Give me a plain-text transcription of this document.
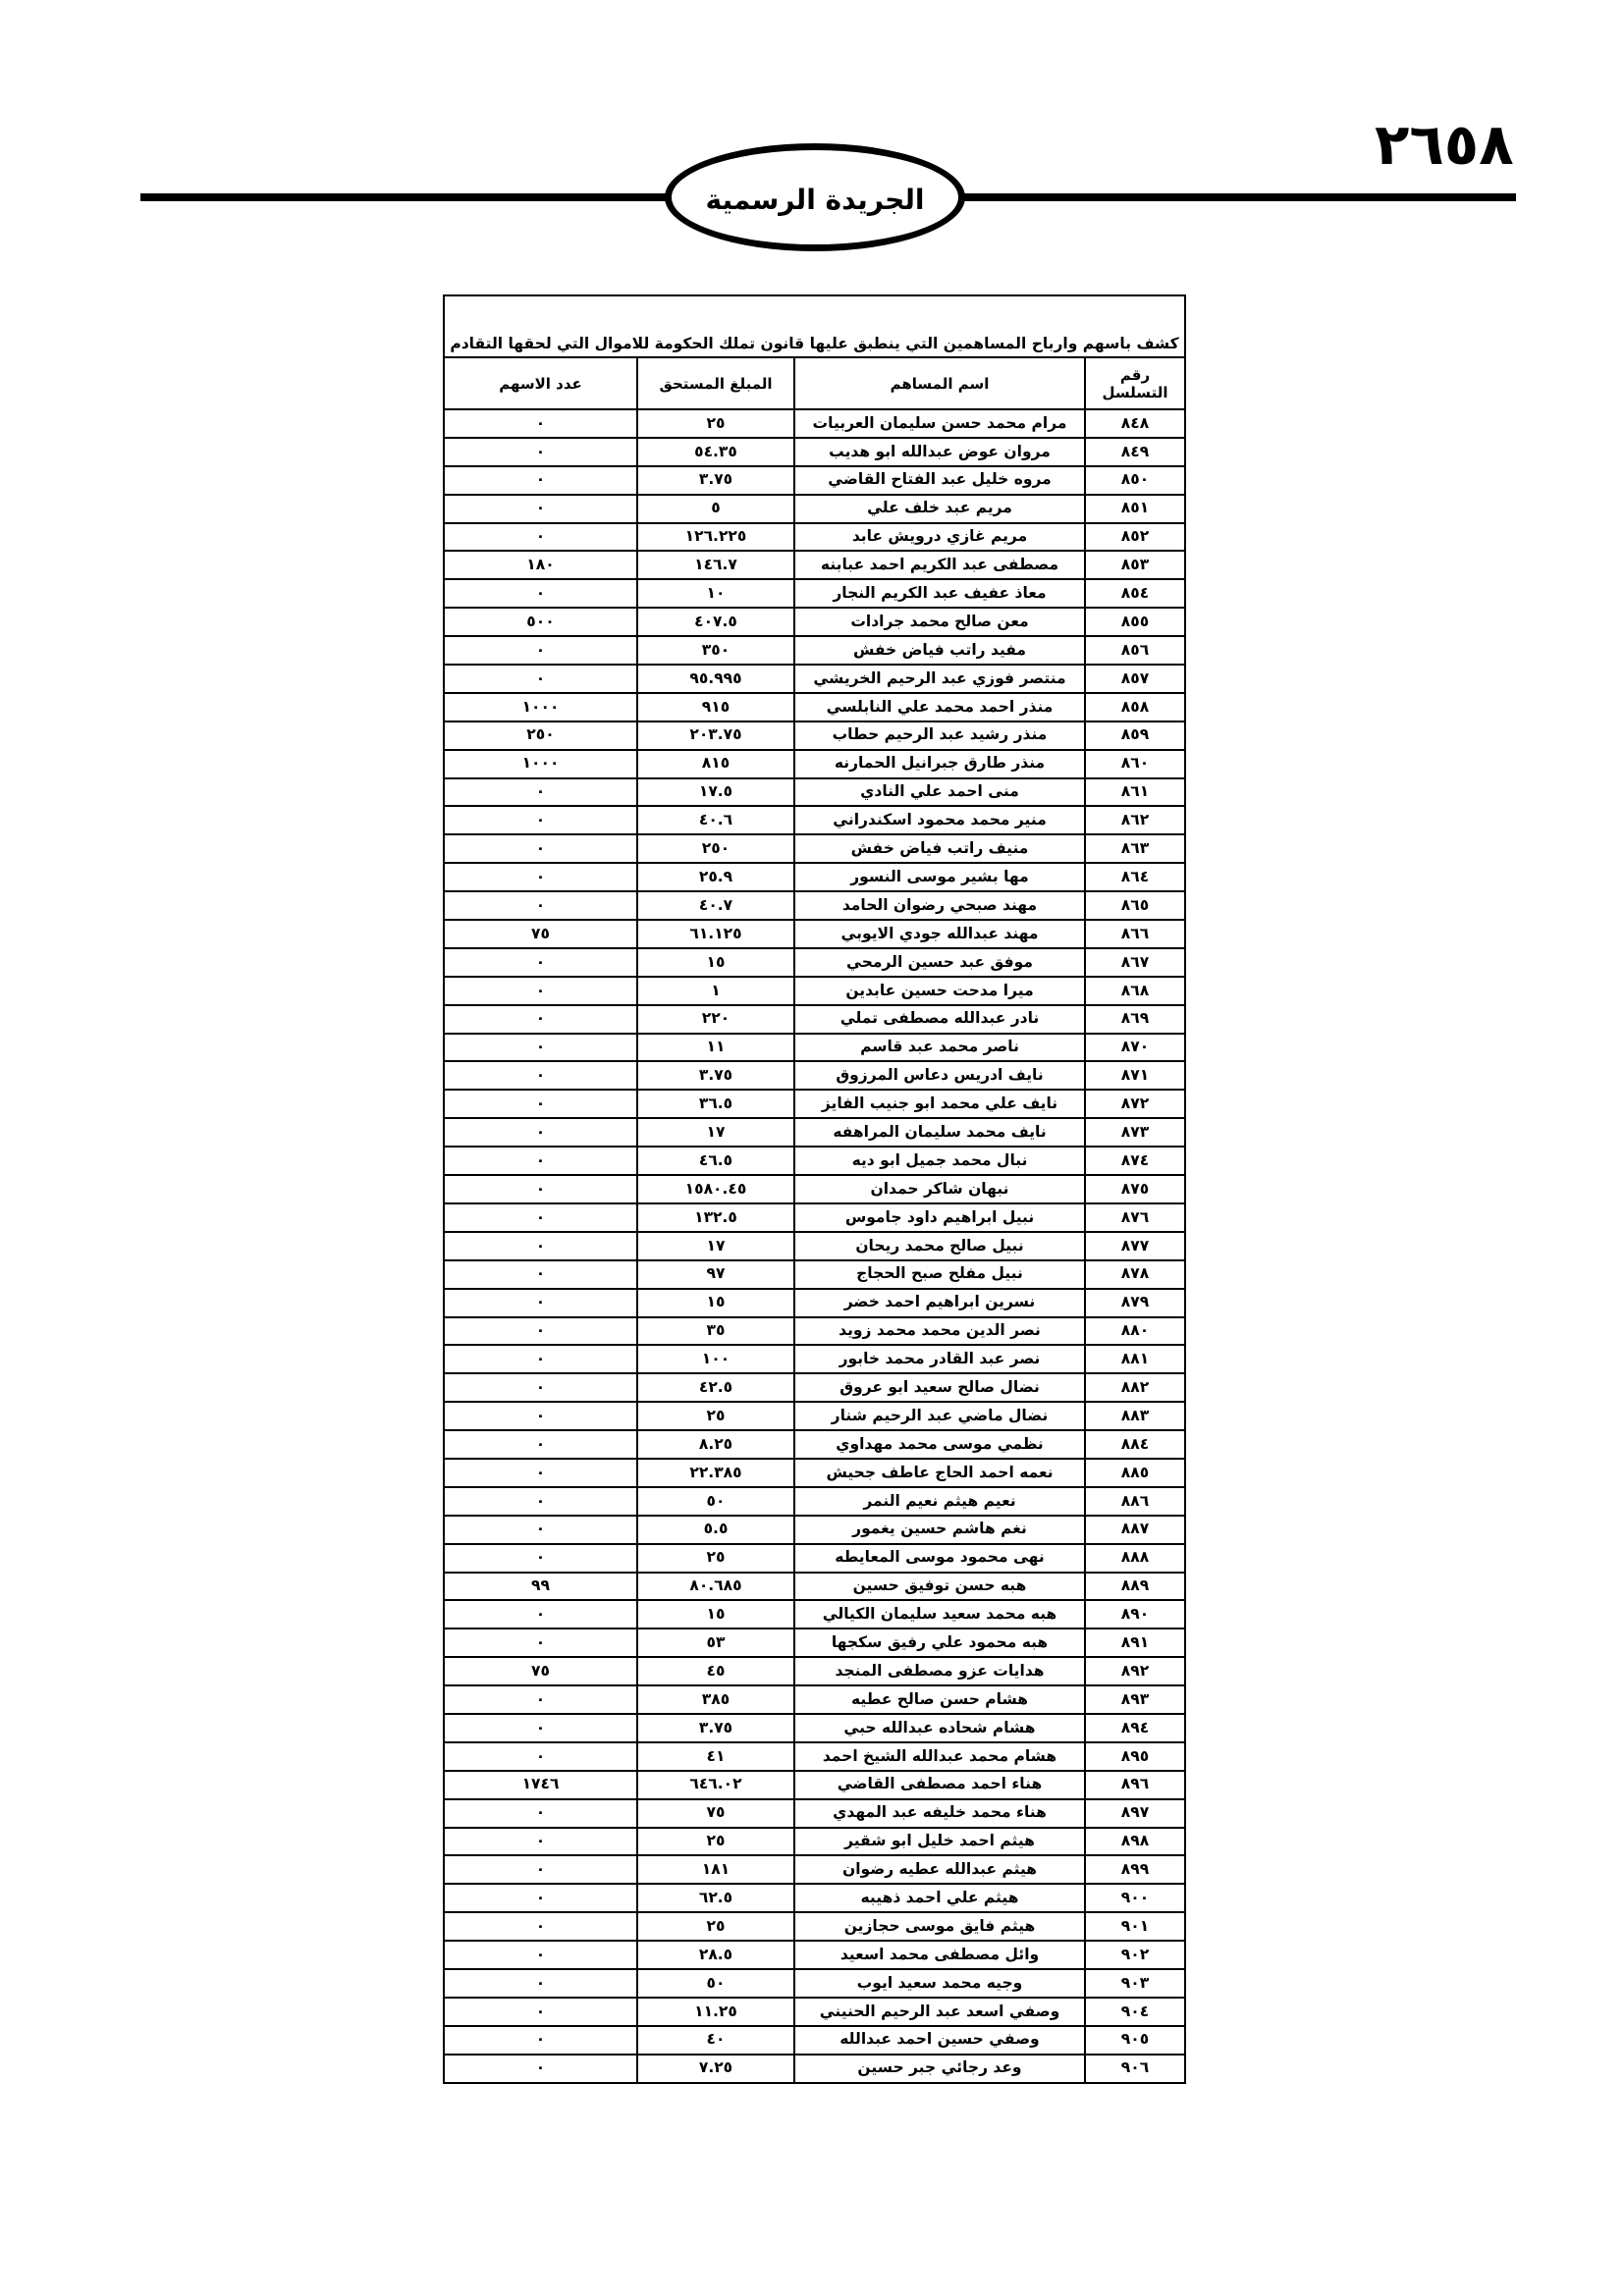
٢٦٥٨
الجريدة الرسمية
كشف باسهم وارباح المساهمين التي ينطبق عليها قانون تملك الحكومة للاموال التي لحقها التقادم
رقم التسلسل	اسم المساهم	المبلغ المستحق	عدد الاسهم
٨٤٨	مرام محمد حسن سليمان العربيات	٢٥	٠
٨٤٩	مروان عوض عبدالله ابو هديب	٥٤.٣٥	٠
٨٥٠	مروه خليل عبد الفتاح القاضي	٣.٧٥	٠
٨٥١	مريم عبد خلف علي	٥	٠
٨٥٢	مريم غازي درويش عابد	١٢٦.٢٢٥	٠
٨٥٣	مصطفى عبد الكريم احمد عبابنه	١٤٦.٧	١٨٠
٨٥٤	معاذ عفيف عبد الكريم النجار	١٠	٠
٨٥٥	معن صالح محمد جرادات	٤٠٧.٥	٥٠٠
٨٥٦	مفيد راتب فياض خفش	٣٥٠	٠
٨٥٧	منتصر فوزي عبد الرحيم الخريشي	٩٥.٩٩٥	٠
٨٥٨	منذر احمد محمد علي النابلسي	٩١٥	١٠٠٠
٨٥٩	منذر رشيد عبد الرحيم حطاب	٢٠٣.٧٥	٢٥٠
٨٦٠	منذر طارق جبرانيل الحمارنه	٨١٥	١٠٠٠
٨٦١	منى احمد علي النادي	١٧.٥	٠
٨٦٢	منير محمد محمود اسكندراني	٤٠.٦	٠
٨٦٣	منيف راتب فياض خفش	٢٥٠	٠
٨٦٤	مها بشير موسى النسور	٢٥.٩	٠
٨٦٥	مهند صبحي رضوان الحامد	٤٠.٧	٠
٨٦٦	مهند عبدالله جودي الايوبي	٦١.١٢٥	٧٥
٨٦٧	موفق عبد حسين الرمحي	١٥	٠
٨٦٨	ميرا مدحت حسين عابدين	١	٠
٨٦٩	نادر عبدالله مصطفى تملي	٢٢٠	٠
٨٧٠	ناصر محمد عبد قاسم	١١	٠
٨٧١	نايف ادريس دعاس المرزوق	٣.٧٥	٠
٨٧٢	نايف علي محمد ابو جنيب الفايز	٣٦.٥	٠
٨٧٣	نايف محمد سليمان المراهفه	١٧	٠
٨٧٤	نبال محمد جميل ابو ديه	٤٦.٥	٠
٨٧٥	نبهان شاكر حمدان	١٥٨٠.٤٥	٠
٨٧٦	نبيل ابراهيم داود جاموس	١٣٢.٥	٠
٨٧٧	نبيل صالح محمد ريحان	١٧	٠
٨٧٨	نبيل مفلح صبح الحجاج	٩٧	٠
٨٧٩	نسرين ابراهيم احمد خضر	١٥	٠
٨٨٠	نصر الدين محمد محمد زويد	٣٥	٠
٨٨١	نصر عبد القادر محمد خابور	١٠٠	٠
٨٨٢	نضال صالح سعيد ابو عروق	٤٢.٥	٠
٨٨٣	نضال ماضي عبد الرحيم شنار	٢٥	٠
٨٨٤	نظمي موسى محمد مهداوي	٨.٢٥	٠
٨٨٥	نعمه احمد الحاج عاطف جحيش	٢٢.٣٨٥	٠
٨٨٦	نعيم هيثم نعيم النمر	٥٠	٠
٨٨٧	نغم هاشم حسين يغمور	٥.٥	٠
٨٨٨	نهى محمود موسى المعايطه	٢٥	٠
٨٨٩	هبه حسن توفيق حسين	٨٠.٦٨٥	٩٩
٨٩٠	هبه محمد سعيد سليمان الكيالي	١٥	٠
٨٩١	هبه محمود علي رفيق سكجها	٥٣	٠
٨٩٢	هدايات عزو مصطفى المنجد	٤٥	٧٥
٨٩٣	هشام حسن صالح عطيه	٣٨٥	٠
٨٩٤	هشام شحاده عبدالله حبي	٣.٧٥	٠
٨٩٥	هشام محمد عبدالله الشيخ احمد	٤١	٠
٨٩٦	هناء احمد مصطفى القاضي	٦٤٦.٠٢	١٧٤٦
٨٩٧	هناء محمد خليفه عبد المهدي	٧٥	٠
٨٩٨	هيثم احمد خليل ابو شقير	٢٥	٠
٨٩٩	هيثم عبدالله عطيه رضوان	١٨١	٠
٩٠٠	هيثم علي احمد ذهيبه	٦٢.٥	٠
٩٠١	هيثم فايق موسى حجازين	٢٥	٠
٩٠٢	وائل مصطفى محمد اسعيد	٢٨.٥	٠
٩٠٣	وجيه محمد سعيد ايوب	٥٠	٠
٩٠٤	وصفي اسعد عبد الرحيم الحنيني	١١.٢٥	٠
٩٠٥	وصفي حسين احمد عبدالله	٤٠	٠
٩٠٦	وعد رجائي جبر حسين	٧.٢٥	٠
